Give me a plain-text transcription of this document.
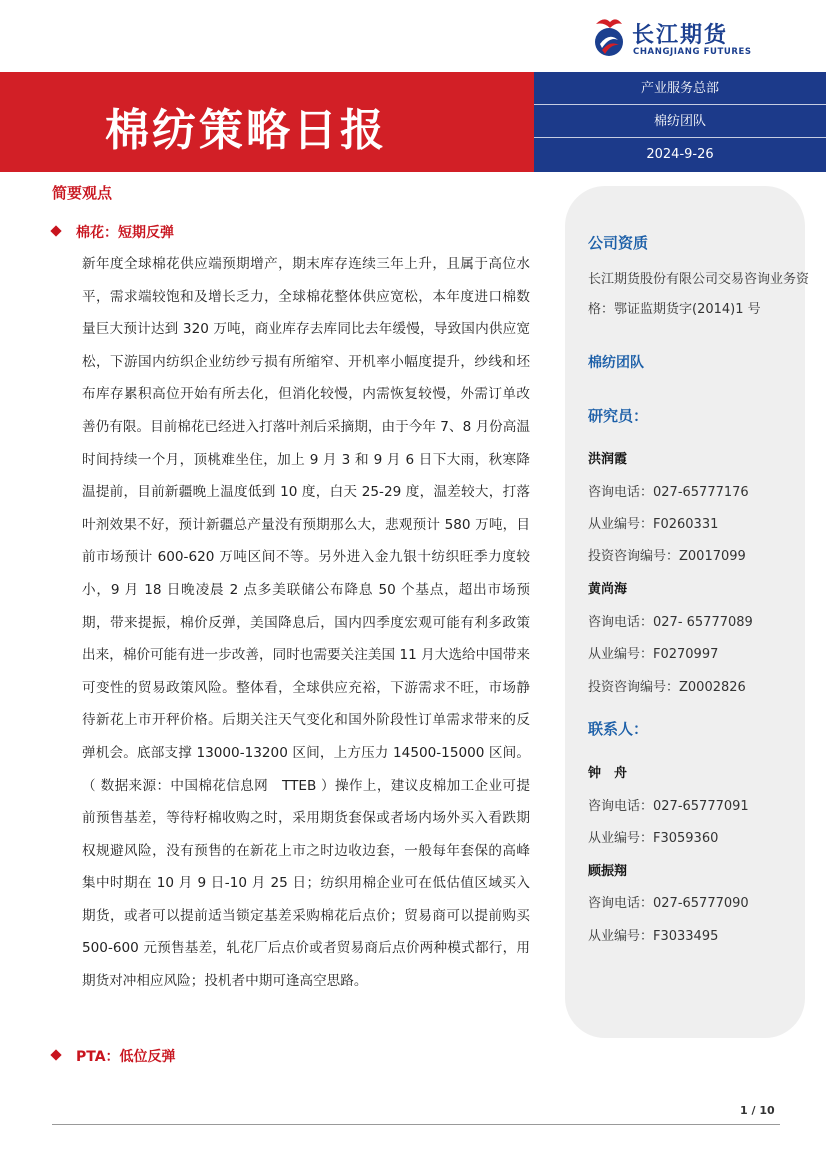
长江期货
CHANGJIANG FUTURES
棉纺策略日报
产业服务总部
棉纺团队
2024-9-26
简要观点
棉花：短期反弹
新年度全球棉花供应端预期增产，期末库存连续三年上升，且属于高位水平，需求端较饱和及增长乏力，全球棉花整体供应宽松，本年度进口棉数量巨大预计达到 320 万吨，商业库存去库同比去年缓慢，导致国内供应宽松，下游国内纺织企业纺纱亏损有所缩窄、开机率小幅度提升，纱线和坯布库存累积高位开始有所去化，但消化较慢，内需恢复较慢，外需订单改善仍有限。目前棉花已经进入打落叶剂后采摘期，由于今年 7、8 月份高温时间持续一个月，顶桃难坐住，加上 9 月 3 和 9 月 6 日下大雨，秋寒降温提前，目前新疆晚上温度低到 10 度，白天 25-29 度，温差较大，打落叶剂效果不好，预计新疆总产量没有预期那么大，悲观预计 580 万吨，目前市场预计 600-620 万吨区间不等。另外进入金九银十纺织旺季力度较小，9 月 18 日晚凌晨 2 点多美联储公布降息 50 个基点，超出市场预期，带来提振，棉价反弹，美国降息后，国内四季度宏观可能有利多政策出来，棉价可能有进一步改善，同时也需要关注美国 11 月大选给中国带来可变性的贸易政策风险。整体看，全球供应充裕，下游需求不旺，市场静待新花上市开秤价格。后期关注天气变化和国外阶段性订单需求带来的反弹机会。底部支撑 13000-13200 区间，上方压力 14500-15000 区间。（ 数据来源：中国棉花信息网　TTEB ）操作上，建议皮棉加工企业可提前预售基差，等待籽棉收购之时，采用期货套保或者场内场外买入看跌期权规避风险，没有预售的在新花上市之时边收边套，一般每年套保的高峰集中时期在 10 月 9 日-10 月 25 日；纺织用棉企业可在低估值区域买入期货，或者可以提前适当锁定基差采购棉花后点价；贸易商可以提前购买 500-600 元预售基差，轧花厂后点价或者贸易商后点价两种模式都行，用期货对冲相应风险；投机者中期可逢高空思路。
PTA：低位反弹
公司资质
长江期货股份有限公司交易咨询业务资格：鄂证监期货字(2014)1 号
棉纺团队
研究员：
洪润霞
咨询电话：027-65777176
从业编号：F0260331
投资咨询编号：Z0017099
黄尚海
咨询电话：027- 65777089
从业编号：F0270997
投资咨询编号：Z0002826
联系人：
钟　舟
咨询电话：027-65777091
从业编号：F3059360
顾振翔
咨询电话：027-65777090
从业编号：F3033495
1 / 10
